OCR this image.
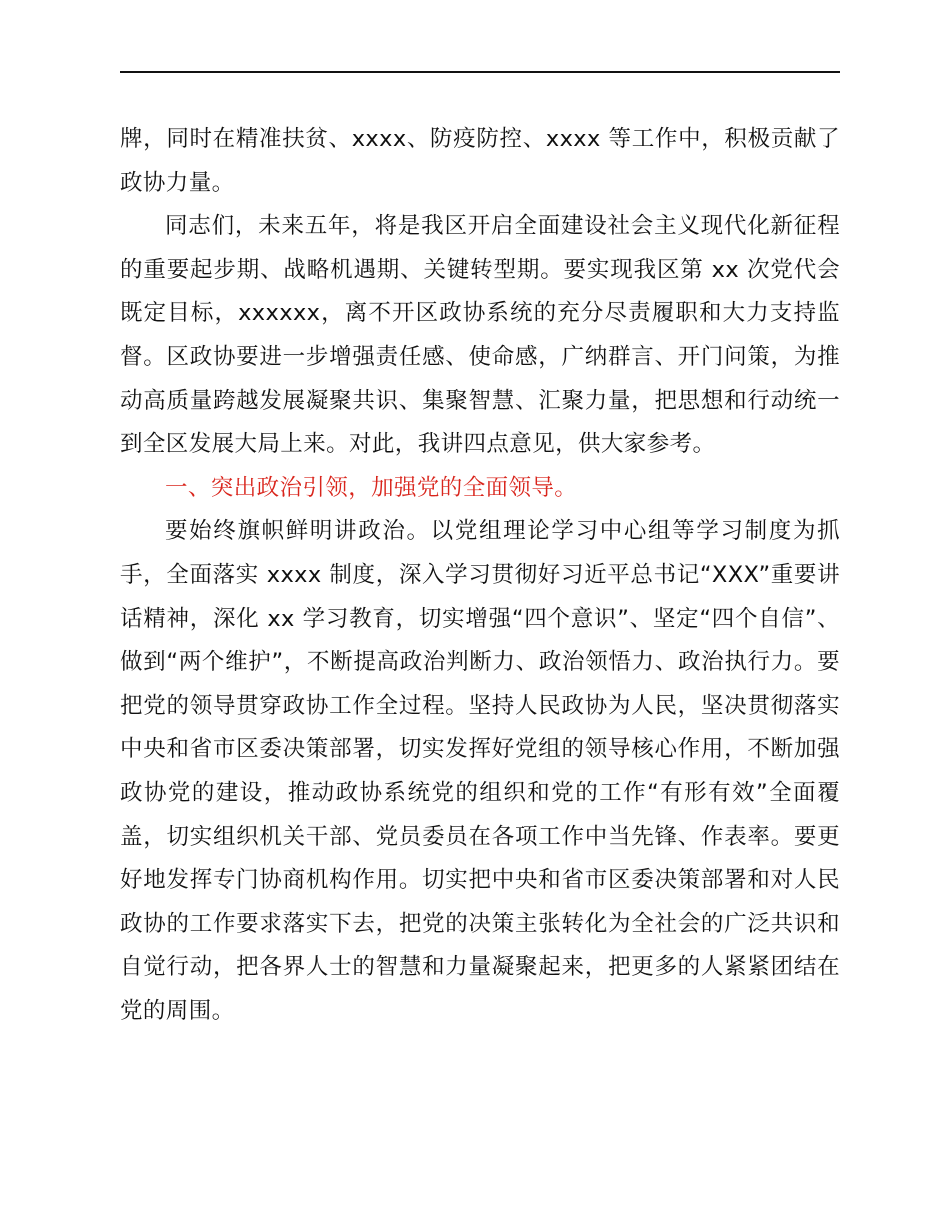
牌，同时在精准扶贫、xxxx、防疫防控、xxxx 等工作中，积极贡献了政协力量。

同志们，未来五年，将是我区开启全面建设社会主义现代化新征程的重要起步期、战略机遇期、关键转型期。要实现我区第 xx 次党代会既定目标，xxxxxx，离不开区政协系统的充分尽责履职和大力支持监督。区政协要进一步增强责任感、使命感，广纳群言、开门问策，为推动高质量跨越发展凝聚共识、集聚智慧、汇聚力量，把思想和行动统一到全区发展大局上来。对此，我讲四点意见，供大家参考。

一、突出政治引领，加强党的全面领导。

要始终旗帜鲜明讲政治。以党组理论学习中心组等学习制度为抓手，全面落实 xxxx 制度，深入学习贯彻好习近平总书记“XXX”重要讲话精神，深化 xx 学习教育，切实增强“四个意识”、坚定“四个自信”、做到“两个维护”，不断提高政治判断力、政治领悟力、政治执行力。要把党的领导贯穿政协工作全过程。坚持人民政协为人民，坚决贯彻落实中央和省市区委决策部署，切实发挥好党组的领导核心作用，不断加强政协党的建设，推动政协系统党的组织和党的工作“有形有效”全面覆盖，切实组织机关干部、党员委员在各项工作中当先锋、作表率。要更好地发挥专门协商机构作用。切实把中央和省市区委决策部署和对人民政协的工作要求落实下去，把党的决策主张转化为全社会的广泛共识和自觉行动，把各界人士的智慧和力量凝聚起来，把更多的人紧紧团结在党的周围。
